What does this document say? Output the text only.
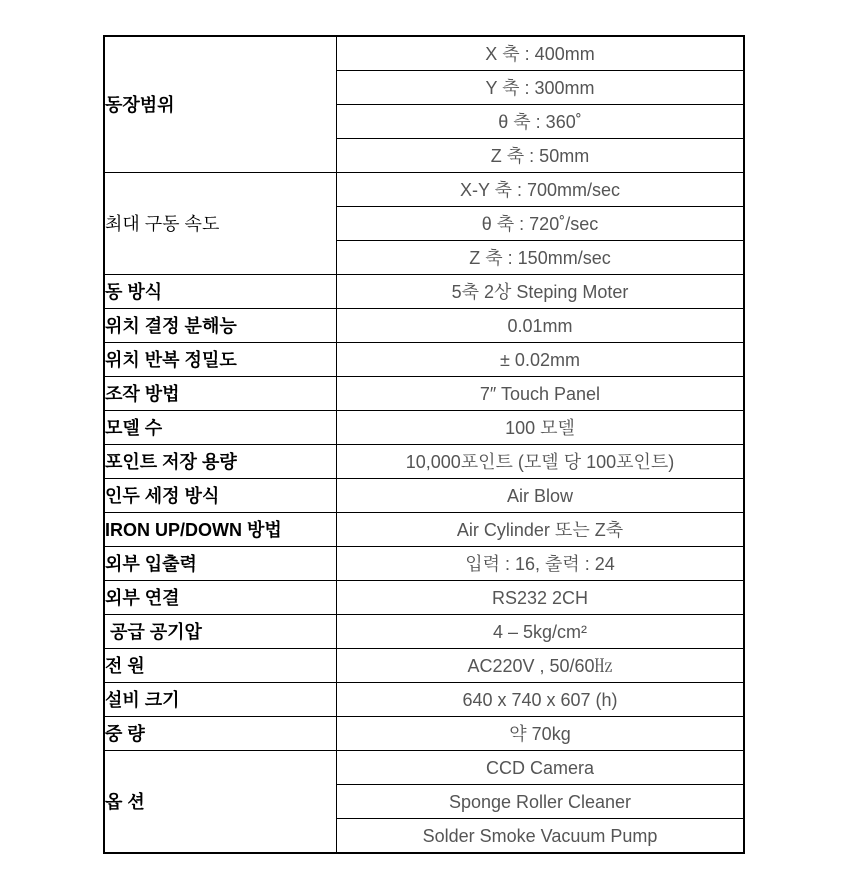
동장범위	X 축 : 400mm
	Y 축 : 300mm
	θ 축 : 360˚
	Z 축 : 50mm
최대 구동 속도	X-Y 축 : 700mm/sec
	θ 축 : 720˚/sec
	Z 축 : 150mm/sec
동 방식	5축 2상 Steping Moter
위치 결정 분해능	0.01mm
위치 반복 정밀도	± 0.02mm
조작 방법	7″ Touch Panel
모델 수	100 모델
포인트 저장 용량	10,000포인트 (모델 당 100포인트)
인두 세정 방식	Air Blow
IRON UP/DOWN 방법	Air Cylinder 또는 Z축
외부 입출력	입력 : 16, 출력 : 24
외부 연결	RS232 2CH
공급 공기압	4 – 5kg/cm²
전 원	AC220V , 50/60㎐
설비 크기	640 x 740 x 607 (h)
중 량	약 70kg
옵 션	CCD Camera
	Sponge Roller Cleaner
	Solder Smoke Vacuum Pump
